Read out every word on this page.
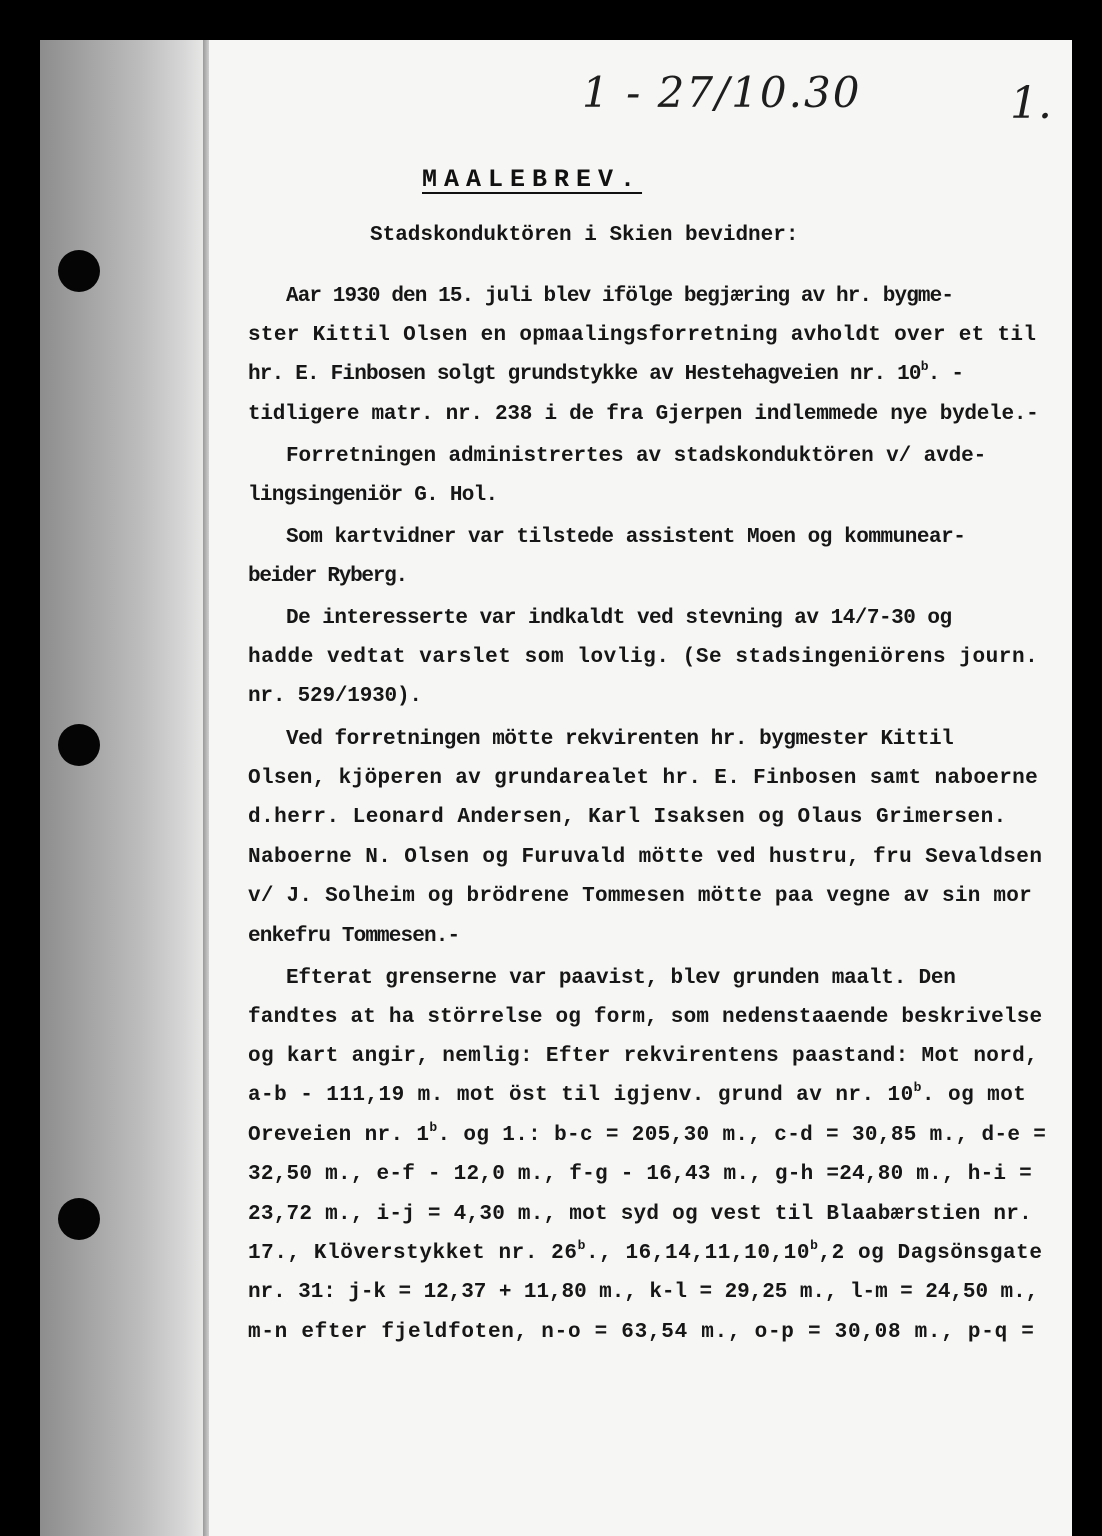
1 - 27/10.30	1.
MAALEBREV.

Stadskonduktören i Skien bevidner:

Aar 1930 den 15. juli blev ifölge begjæring av hr. bygme-
ster Kittil Olsen en opmaalingsforretning avholdt over et til
hr. E. Finbosen solgt grundstykke av Hestehagveien nr. 10$^b$. -
tidligere matr. nr. 238 i de fra Gjerpen indlemmede nye bydele.-
Forretningen administrertes av stadskonduktören v/ avde-
lingsingeniör G. Hol.
Som kartvidner var tilstede assistent Moen og kommunear-
beider Ryberg.
De interesserte var indkaldt ved stevning av 14/7-30 og
hadde vedtat varslet som lovlig. (Se stadsingeniörens journ.
nr. 529/1930).
Ved forretningen mötte rekvirenten hr. bygmester Kittil
Olsen, kjöperen av grundarealet hr. E. Finbosen samt naboerne
d.herr. Leonard Andersen, Karl Isaksen og Olaus Grimersen.
Naboerne N. Olsen og Furuvald mötte ved hustru, fru Sevaldsen
v/ J. Solheim og brödrene Tommesen mötte paa vegne av sin mor
enkefru Tommesen.-
Efterat grenserne var paavist, blev grunden maalt. Den
fandtes at ha störrelse og form, som nedenstaaende beskrivelse
og kart angir, nemlig: Efter rekvirentens paastand: Mot nord,
a-b - 111,19 m. mot öst til igjenv. grund av nr. 10$^b$. og mot
Oreveien nr. 1$^b$. og 1.: b-c = 205,30 m., c-d = 30,85 m., d-e =
32,50 m., e-f - 12,0 m., f-g - 16,43 m., g-h =24,80 m., h-i =
23,72 m., i-j = 4,30 m., mot syd og vest til Blaabærstien nr.
17., Klöverstykket nr. 26$^b$., 16,14,11,10,10$^b$,2 og Dagsönsgate
nr. 31: j-k = 12,37 + 11,80 m., k-l = 29,25 m., l-m = 24,50 m.,
m-n efter fjeldfoten, n-o = 63,54 m., o-p = 30,08 m., p-q =
